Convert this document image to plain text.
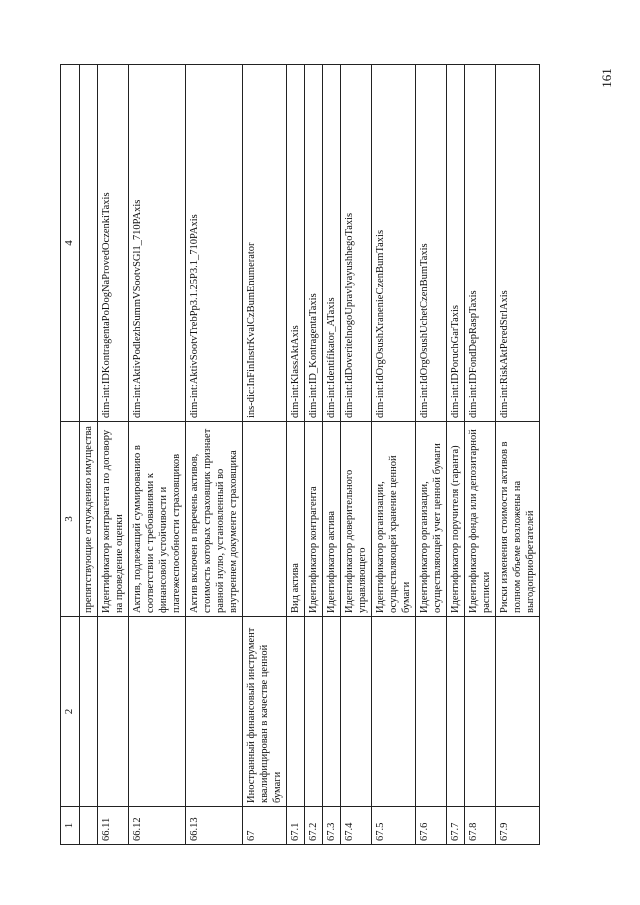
1	2	3	4
		препятствующие отчуждению имущества	
66.11		Идентификатор контрагента по договору на проведение оценки	dim-int:IDKontragentaPoDogNaProvedOczenkiTaxis
66.12		Актив, подлежащий суммированию в соответствии с требованиями к финансовой устойчивости и платежеспособности страховщиков	dim-int:AktivPodlezhSummVSootvSGl1_710PAxis
66.13		Актив включен в перечень активов, стоимость которых страховщик признает равной нулю, установленный во внутреннем документе страховщика	dim-int:AktivSootvTrebPp3.1.25P3.1_710PAxis
67	Иностранный финансовый инструмент квалифицирован в качестве ценной бумаги		ins-dic:InFinInstrKvalCzBumEnumerator
67.1		Вид актива	dim-int:KlassAktAxis
67.2		Идентификатор контрагента	dim-int:ID_KontragentaTaxis
67.3		Идентификатор актива	dim-int:Identifikator_ATaxis
67.4		Идентификатор доверительного управляющего	dim-int:IdDoveritelnogoUpravlyayushhegoTaxis
67.5		Идентификатор организации, осуществляющей хранение ценной бумаги	dim-int:IdOrgOsushXranenieCzenBumTaxis
67.6		Идентификатор организации, осуществляющей учет ценной бумаги	dim-int:IdOrgOsushUchetCzenBumTaxis
67.7		Идентификатор поручителя (гаранта)	dim-int:IDPoruchGarTaxis
67.8		Идентификатор фонда или депозитарной расписки	dim-int:IDFondDepRaspTaxis
67.9		Риски изменения стоимости активов в полном объеме возложены на выгодоприобретателей	dim-int:RiskAktPeredStrlAxis
161
